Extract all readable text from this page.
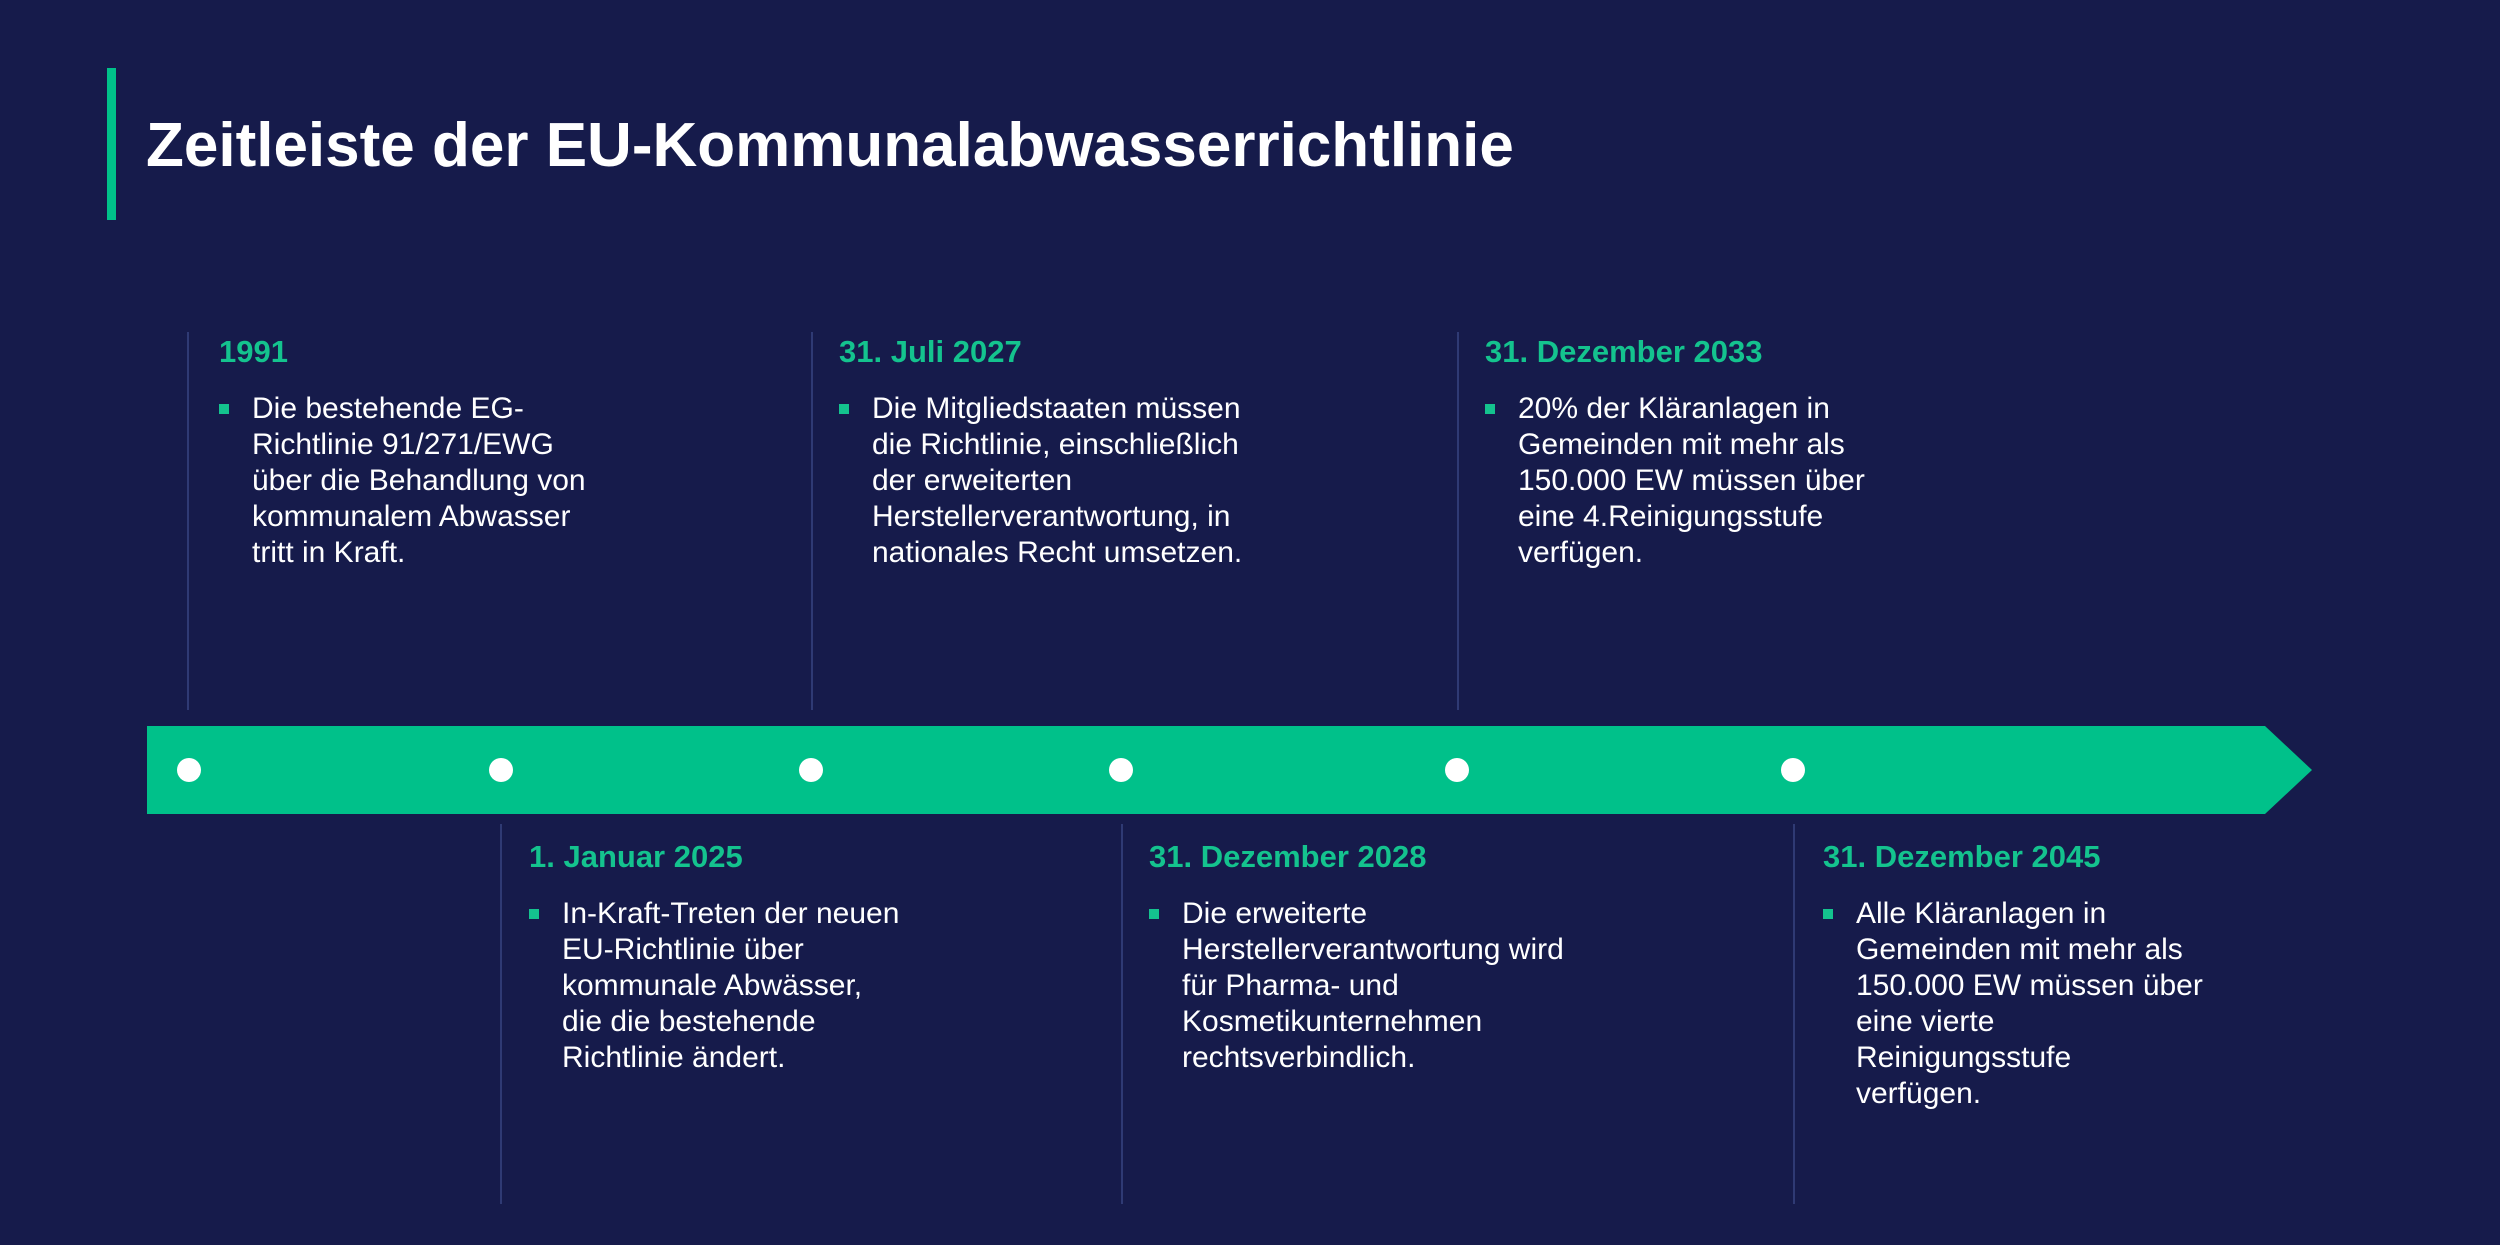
Zeitleiste der EU-Kommunalabwasserrichtlinie
1991
Die bestehende EG-Richtlinie 91/271/EWG über die Behandlung von kommunalem Abwasser tritt in Kraft.
31. Juli 2027
Die Mitgliedstaaten müssen die Richtlinie, einschließlich der erweiterten Herstellerverantwortung, in nationales Recht umsetzen.
31. Dezember 2033
20% der Kläranlagen in Gemeinden mit mehr als 150.000 EW müssen über eine 4.Reinigungsstufe verfügen.
1. Januar 2025
In-Kraft-Treten der neuen EU-Richtlinie über kommunale Abwässer, die die bestehende Richtlinie ändert.
31. Dezember 2028
Die erweiterte Herstellerverantwortung wird für Pharma- und Kosmetikunternehmen rechtsverbindlich.
31. Dezember 2045
Alle Kläranlagen in Gemeinden mit mehr als 150.000 EW müssen über eine vierte Reinigungsstufe verfügen.
